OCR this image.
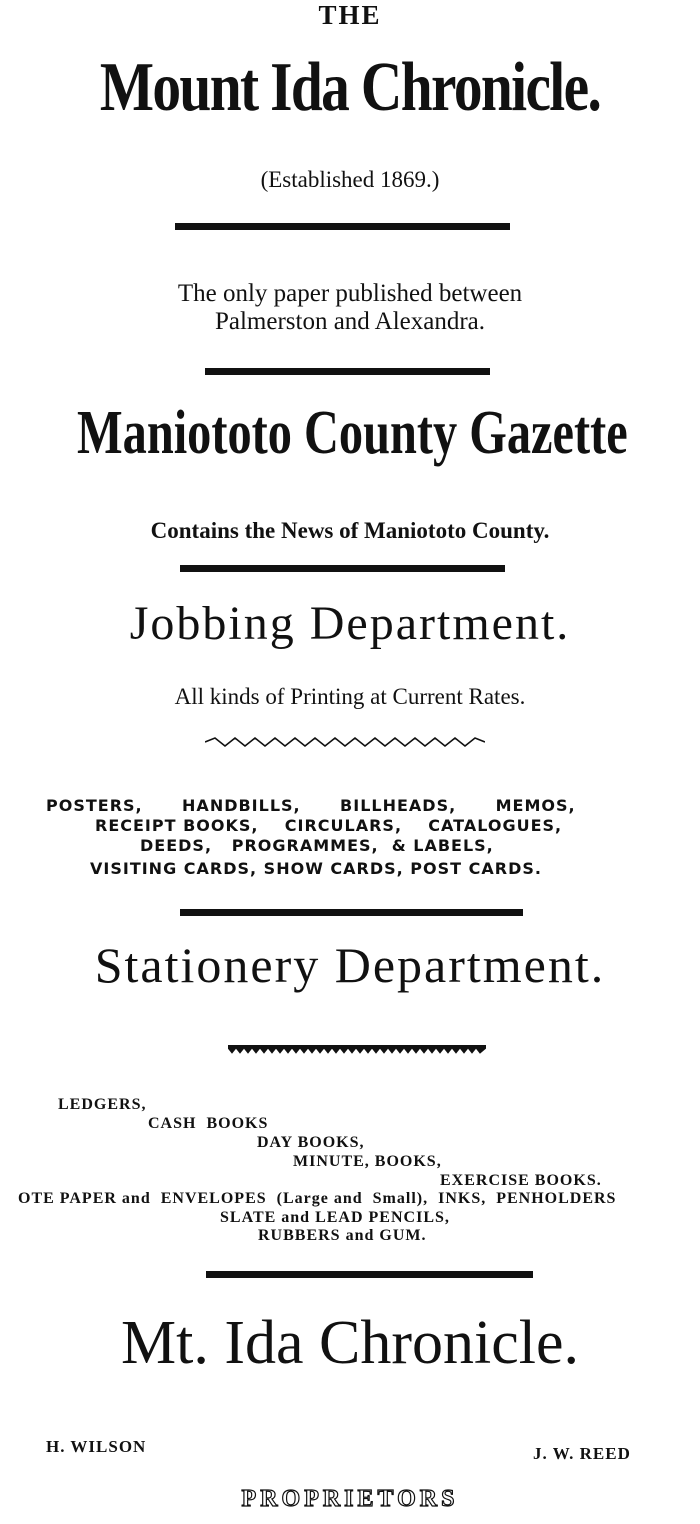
THE
Mount Ida Chronicle.
(Established 1869.)
The only paper published between
Palmerston and Alexandra.
Maniototo County Gazette
Contains the News of Maniototo County.
Jobbing Department.
All kinds of Printing at Current Rates.
POSTERS,      HANDBILLS,      BILLHEADS,      MEMOS,
RECEIPT BOOKS,    CIRCULARS,    CATALOGUES,
DEEDS,   PROGRAMMES,  & LABELS,
VISITING CARDS, SHOW CARDS, POST CARDS.
Stationery Department.
LEDGERS,
CASH  BOOKS
DAY BOOKS,
MINUTE, BOOKS,
EXERCISE BOOKS.
OTE PAPER and  ENVELOPES  (Large and  Small),  INKS,  PENHOLDERS
SLATE and LEAD PENCILS,
RUBBERS and GUM.
Mt. Ida Chronicle.
H. WILSON	J. W. REED
PROPRIETORS
